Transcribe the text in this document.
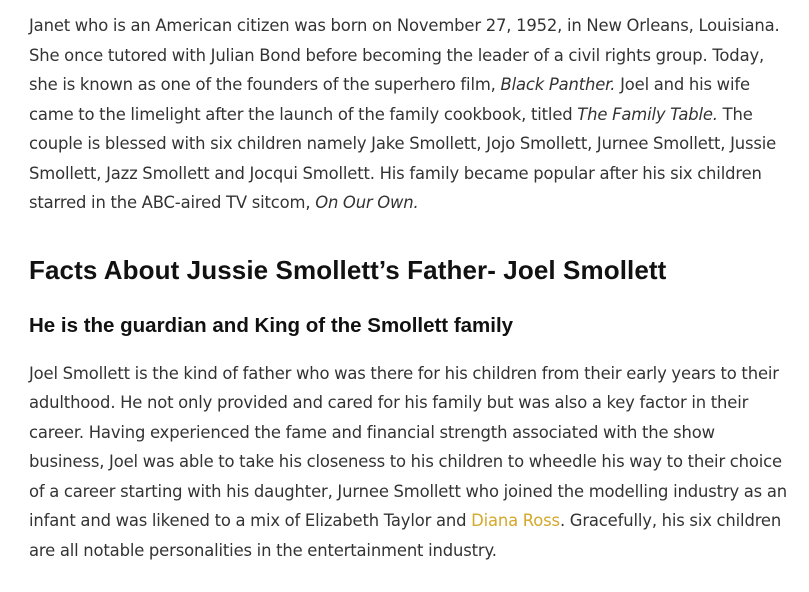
Janet who is an American citizen was born on November 27, 1952, in New Orleans, Louisiana. She once tutored with Julian Bond before becoming the leader of a civil rights group. Today, she is known as one of the founders of the superhero film, Black Panther. Joel and his wife came to the limelight after the launch of the family cookbook, titled The Family Table. The couple is blessed with six children namely Jake Smollett, Jojo Smollett, Jurnee Smollett, Jussie Smollett, Jazz Smollett and Jocqui Smollett. His family became popular after his six children starred in the ABC-aired TV sitcom, On Our Own.

Facts About Jussie Smollett’s Father- Joel Smollett
He is the guardian and King of the Smollett family

Joel Smollett is the kind of father who was there for his children from their early years to their adulthood. He not only provided and cared for his family but was also a key factor in their career. Having experienced the fame and financial strength associated with the show business, Joel was able to take his closeness to his children to wheedle his way to their choice of a career starting with his daughter, Jurnee Smollett who joined the modelling industry as an infant and was likened to a mix of Elizabeth Taylor and Diana Ross. Gracefully, his six children are all notable personalities in the entertainment industry.
